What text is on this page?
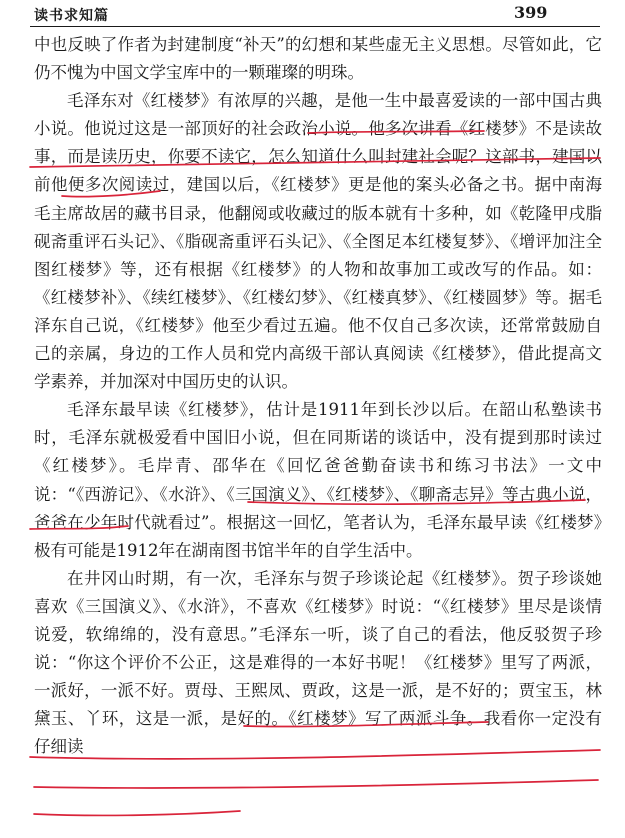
读书求知篇	399

中也反映了作者为封建制度“补天”的幻想和某些虚无主义思想。尽管如此，它仍不愧为中国文学宝库中的一颗璀璨的明珠。

毛泽东对《红楼梦》有浓厚的兴趣，是他一生中最喜爱读的一部中国古典小说。他说过这是一部顶好的社会政治小说。他多次讲看《红楼梦》不是读故事，而是读历史，你要不读它，怎么知道什么叫封建社会呢？这部书，建国以前他便多次阅读过，建国以后，《红楼梦》更是他的案头必备之书。据中南海毛主席故居的藏书目录，他翻阅或收藏过的版本就有十多种，如《乾隆甲戌脂砚斋重评石头记》、《脂砚斋重评石头记》、《全图足本红楼复梦》、《增评加注全图红楼梦》等，还有根据《红楼梦》的人物和故事加工或改写的作品。如：《红楼梦补》、《续红楼梦》、《红楼幻梦》、《红楼真梦》、《红楼圆梦》等。据毛泽东自己说，《红楼梦》他至少看过五遍。他不仅自己多次读，还常常鼓励自己的亲属，身边的工作人员和党内高级干部认真阅读《红楼梦》，借此提高文学素养，并加深对中国历史的认识。

毛泽东最早读《红楼梦》，估计是1911年到长沙以后。在韶山私塾读书时，毛泽东就极爱看中国旧小说，但在同斯诺的谈话中，没有提到那时读过《红楼梦》。毛岸青、邵华在《回忆爸爸勤奋读书和练习书法》一文中说：“《西游记》、《水浒》、《三国演义》、《红楼梦》、《聊斋志异》等古典小说，爸爸在少年时代就看过”。根据这一回忆，笔者认为，毛泽东最早读《红楼梦》极有可能是1912年在湖南图书馆半年的自学生活中。

在井冈山时期，有一次，毛泽东与贺子珍谈论起《红楼梦》。贺子珍谈她喜欢《三国演义》、《水浒》，不喜欢《红楼梦》时说：“《红楼梦》里尽是谈情说爱，软绵绵的，没有意思。”毛泽东一听，谈了自己的看法，他反驳贺子珍说：“你这个评价不公正，这是难得的一本好书呢！《红楼梦》里写了两派，一派好，一派不好。贾母、王熙凤、贾政，这是一派，是不好的；贾宝玉，林黛玉、丫环，这是一派，是好的。《红楼梦》写了两派斗争。我看你一定没有仔细读
